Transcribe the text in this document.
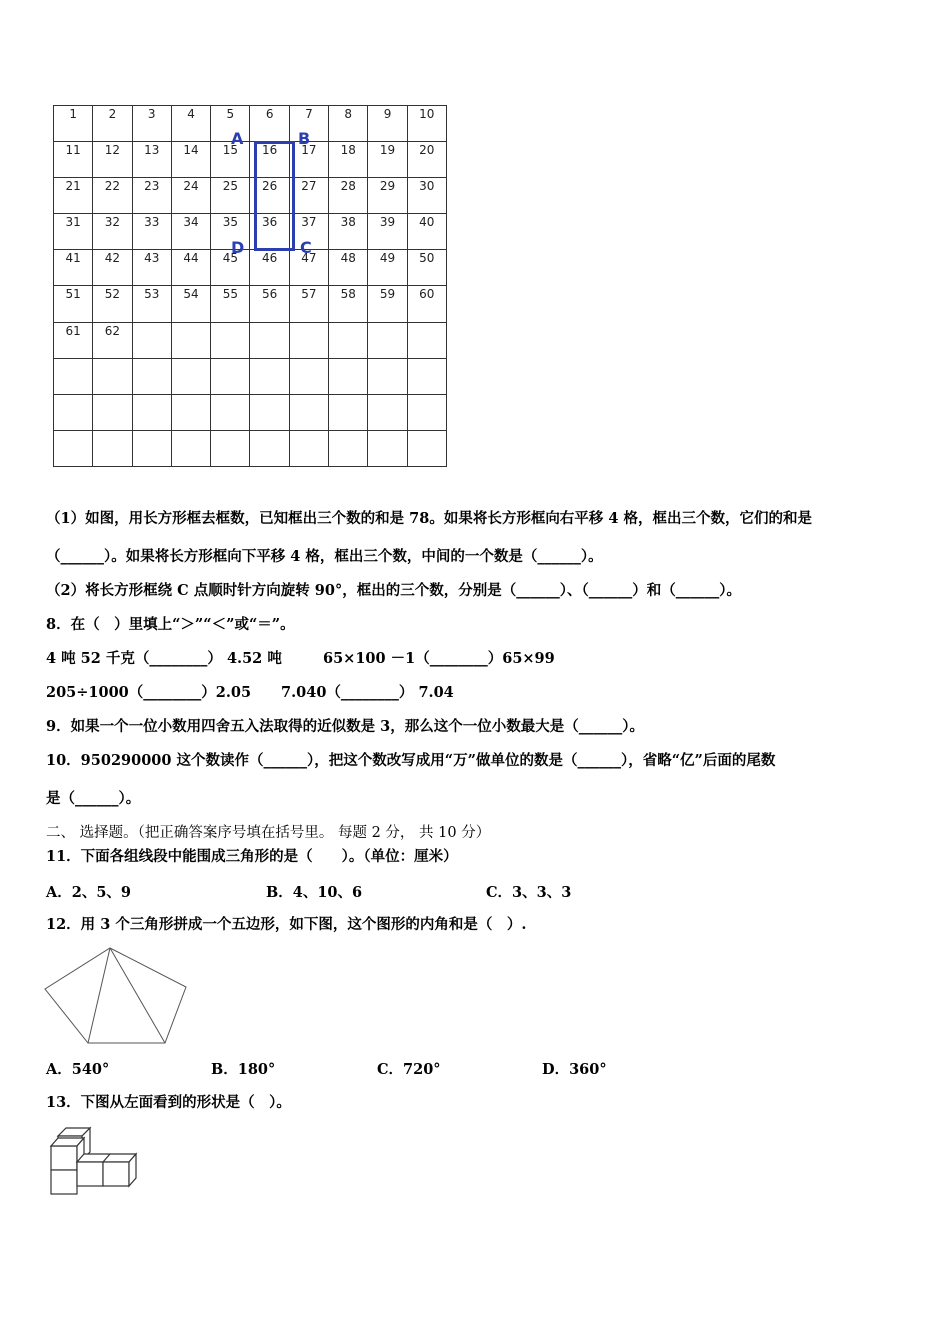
1	2	3	4	5	6	7	8	9	10
11	12	13	14	15	16	17	18	19	20
21	22	23	24	25	26	27	28	29	30
31	32	33	34	35	36	37	38	39	40
41	42	43	44	45	46	47	48	49	50
51	52	53	54	55	56	57	58	59	60
61	62								

A	B
D	C
（1）如图，用长方形框去框数，已知框出三个数的和是 78。如果将长方形框向右平移 4 格，框出三个数，它们的和是
（______）。如果将长方形框向下平移 4 格，框出三个数，中间的一个数是（______）。
（2）将长方形框绕 C 点顺时针方向旋转 90°，框出的三个数，分别是（______）、（______）和（______）。
8．在（　）里填上“＞”“＜”或“＝”。
4 吨 52 千克（________） 4.52 吨	65×100 －1（________）65×99
205÷1000（________）2.05 7.040（________） 7.04
9．如果一个一位小数用四舍五入法取得的近似数是 3，那么这个一位小数最大是（______）。
10．950290000 这个数读作（______），把这个数改写成用“万”做单位的数是（______），省略“亿”后面的尾数
是（______）。
二、 选择题。（把正确答案序号填在括号里。 每题 2 分， 共 10 分）
11．下面各组线段中能围成三角形的是（　　）。（单位：厘米）
A．2、5、9	B．4、10、6	C．3、3、3
12．用 3 个三角形拼成一个五边形，如下图，这个图形的内角和是（　）.
A．540°	B．180°	C．720°	D．360°
13．下图从左面看到的形状是（　）。
